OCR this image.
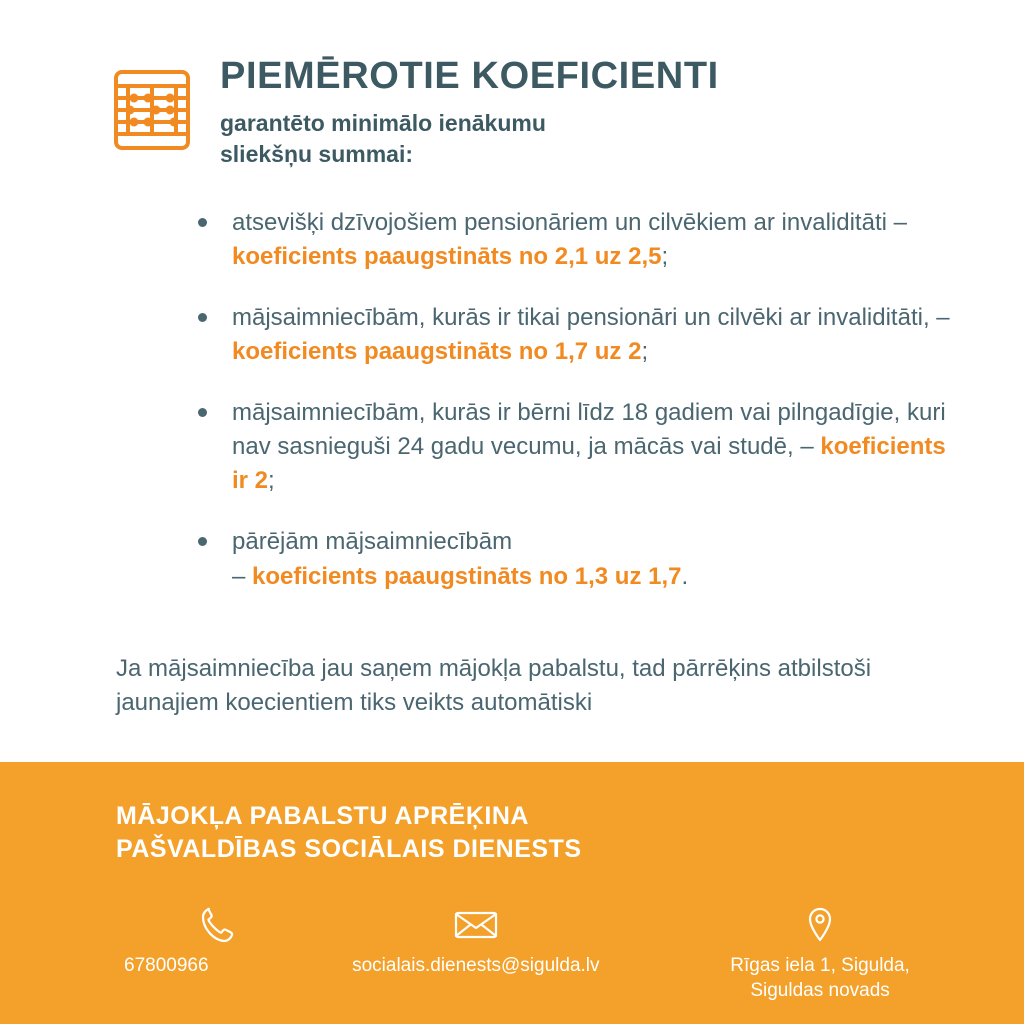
PIEMĒROTIE KOEFICIENTI

garantēto minimālo ienākumu
sliekšņu summai:

atsevišķi dzīvojošiem pensionāriem un cilvēkiem ar invaliditāti – koeficients paaugstināts no 2,1 uz 2,5;
mājsaimniecībām, kurās ir tikai pensionāri un cilvēki ar invaliditāti, – koeficients paaugstināts no 1,7 uz 2;
mājsaimniecībām, kurās ir bērni līdz 18 gadiem vai pilngadīgie, kuri nav sasnieguši 24 gadu vecumu, ja mācās vai studē, – koeficients ir 2;
pārējām mājsaimniecībām
– koeficients paaugstināts no 1,3 uz 1,7.

Ja mājsaimniecība jau saņem mājokļa pabalstu, tad pārrēķins atbilstoši jaunajiem koecientiem tiks veikts automātiski

MĀJOKĻA PABALSTU APRĒĶINA
PAŠVALDĪBAS SOCIĀLAIS DIENESTS
67800966	socialais.dienests@sigulda.lv	Rīgas iela 1, Sigulda,
Siguldas novads
